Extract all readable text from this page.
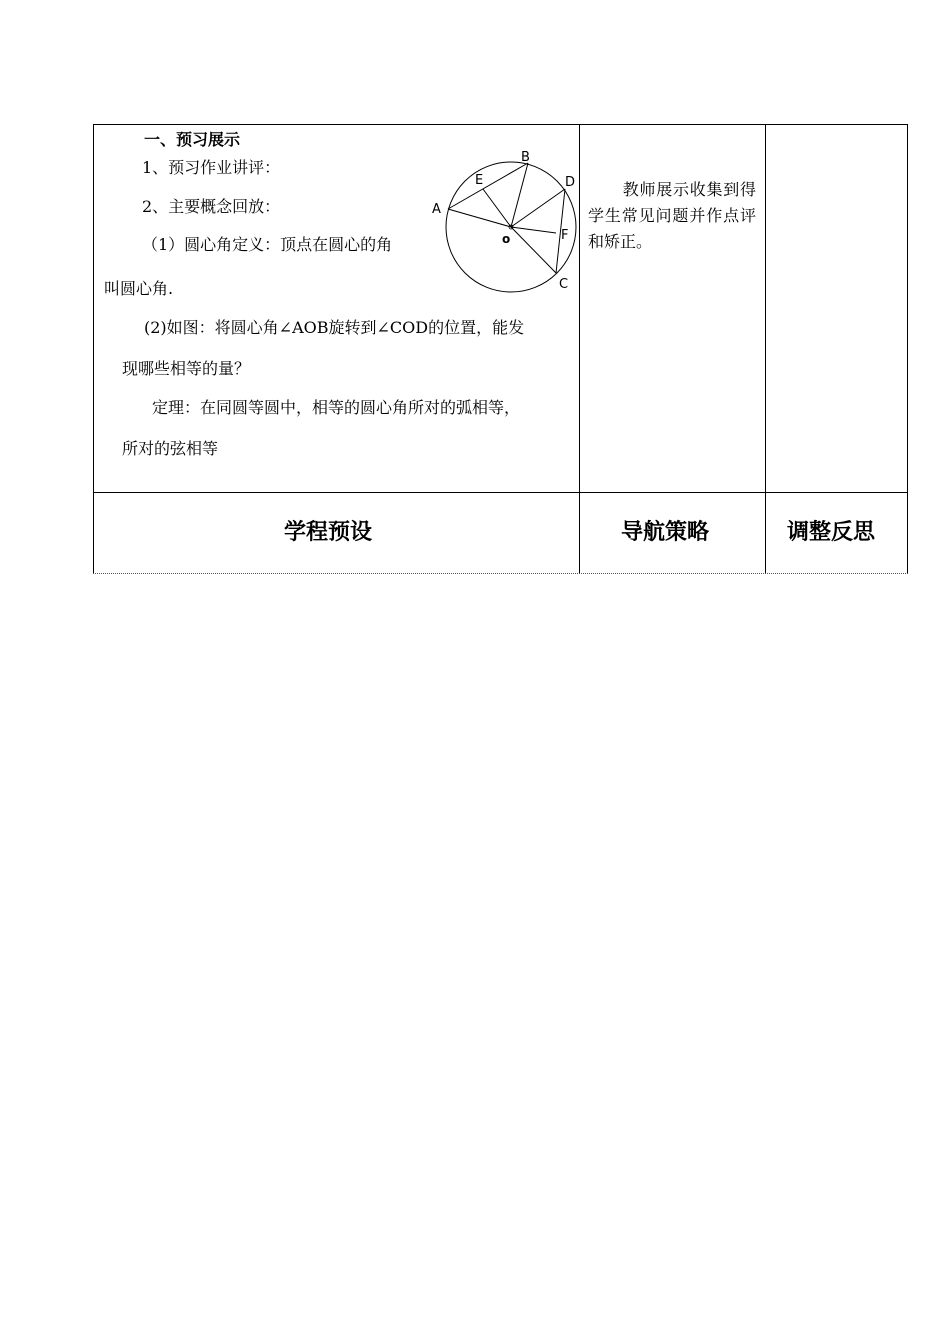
一、预习展示
1、预习作业讲评：
2、主要概念回放：
（1）圆心角定义：顶点在圆心的角
叫圆心角.
(2)如图：将圆心角∠AOB旋转到∠COD的位置，能发
现哪些相等的量？
定理：在同圆等圆中，相等的圆心角所对的弧相等，
所对的弦相等
A
B
C
D
E
F
o
教师展示收集到得学生常见问题并作点评和矫正。
学程预设	导航策略	调整反思
